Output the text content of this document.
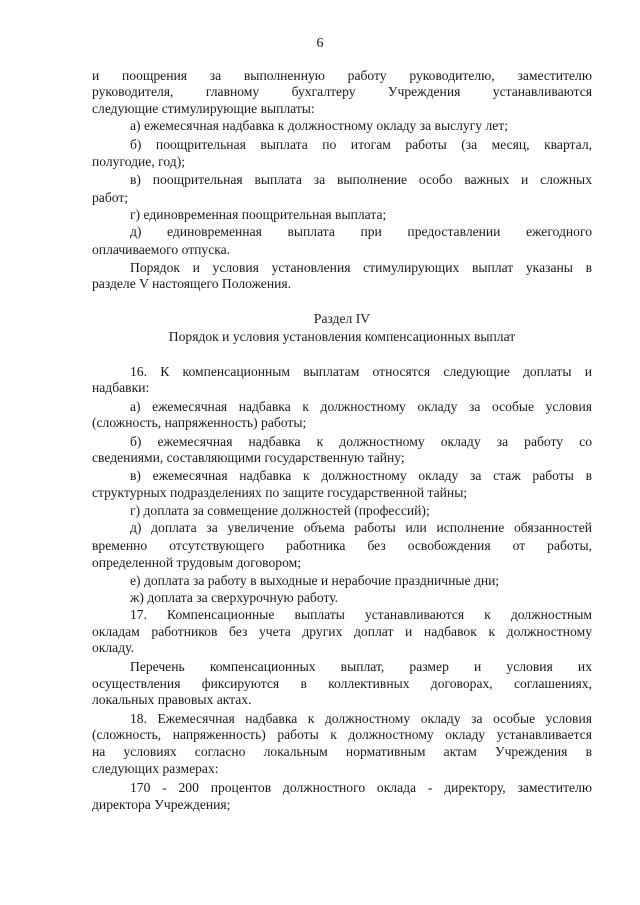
6
и поощрения за выполненную работу руководителю, заместителю
руководителя, главному бухгалтеру Учреждения устанавливаются
следующие стимулирующие выплаты:
а) ежемесячная надбавка к должностному окладу за выслугу лет;
б) поощрительная выплата по итогам работы (за месяц, квартал,
полугодие, год);
в) поощрительная выплата за выполнение особо важных и сложных
работ;
г) единовременная поощрительная выплата;
д) единовременная выплата при предоставлении ежегодного
оплачиваемого отпуска.
Порядок и условия установления стимулирующих выплат указаны в
разделе V настоящего Положения.
Раздел IV
Порядок и условия установления компенсационных выплат
16. К компенсационным выплатам относятся следующие доплаты и
надбавки:
а) ежемесячная надбавка к должностному окладу за особые условия
(сложность, напряженность) работы;
б) ежемесячная надбавка к должностному окладу за работу со
сведениями, составляющими государственную тайну;
в) ежемесячная надбавка к должностному окладу за стаж работы в
структурных подразделениях по защите государственной тайны;
г) доплата за совмещение должностей (профессий);
д) доплата за увеличение объема работы или исполнение обязанностей
временно отсутствующего работника без освобождения от работы,
определенной трудовым договором;
е) доплата за работу в выходные и нерабочие праздничные дни;
ж) доплата за сверхурочную работу.
17. Компенсационные выплаты устанавливаются к должностным
окладам работников без учета других доплат и надбавок к должностному
окладу.
Перечень компенсационных выплат, размер и условия их
осуществления фиксируются в коллективных договорах, соглашениях,
локальных правовых актах.
18. Ежемесячная надбавка к должностному окладу за особые условия
(сложность, напряженность) работы к должностному окладу устанавливается
на условиях согласно локальным нормативным актам Учреждения в
следующих размерах:
170 - 200 процентов должностного оклада - директору, заместителю
директора Учреждения;
